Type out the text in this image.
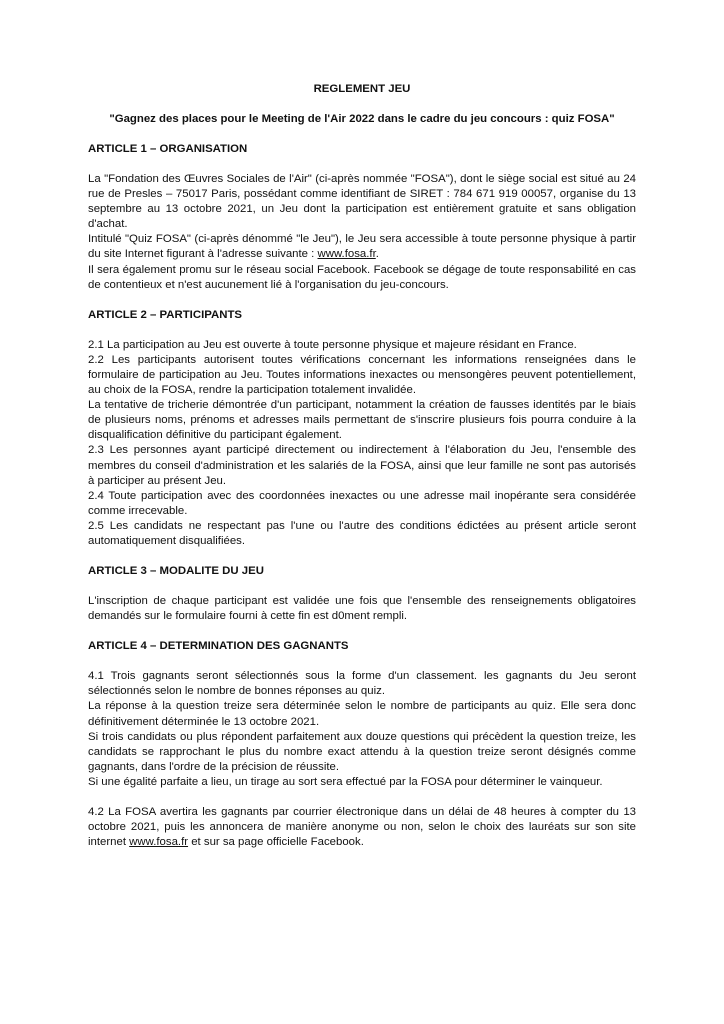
REGLEMENT JEU
"Gagnez des places pour le Meeting de l'Air 2022 dans le cadre du jeu concours : quiz FOSA"
ARTICLE 1 – ORGANISATION

La "Fondation des Œuvres Sociales de l'Air" (ci-après nommée "FOSA"), dont le siège social est situé au 24 rue de Presles – 75017 Paris, possédant comme identifiant de SIRET : 784 671 919 00057, organise du 13 septembre au 13 octobre 2021, un Jeu dont la participation est entièrement gratuite et sans obligation d'achat.

Intitulé "Quiz FOSA" (ci-après dénommé "le Jeu"), le Jeu sera accessible à toute personne physique à partir du site Internet figurant à l'adresse suivante : www.fosa.fr.

Il sera également promu sur le réseau social Facebook. Facebook se dégage de toute responsabilité en cas de contentieux et n'est aucunement lié à l'organisation du jeu-concours.

ARTICLE 2 – PARTICIPANTS

2.1 La participation au Jeu est ouverte à toute personne physique et majeure résidant en France.

2.2 Les participants autorisent toutes vérifications concernant les informations renseignées dans le formulaire de participation au Jeu. Toutes informations inexactes ou mensongères peuvent potentiellement, au choix de la FOSA, rendre la participation totalement invalidée.

La tentative de tricherie démontrée d'un participant, notamment la création de fausses identités par le biais de plusieurs noms, prénoms et adresses mails permettant de s'inscrire plusieurs fois pourra conduire à la disqualification définitive du participant également.

2.3 Les personnes ayant participé directement ou indirectement à l'élaboration du Jeu, l'ensemble des membres du conseil d'administration et les salariés de la FOSA, ainsi que leur famille ne sont pas autorisés à participer au présent Jeu.

2.4 Toute participation avec des coordonnées inexactes ou une adresse mail inopérante sera considérée comme irrecevable.

2.5 Les candidats ne respectant pas l'une ou l'autre des conditions édictées au présent article seront automatiquement disqualifiées.

ARTICLE 3 – MODALITE DU JEU

L'inscription de chaque participant est validée une fois que l'ensemble des renseignements obligatoires demandés sur le formulaire fourni à cette fin est d0ment rempli.

ARTICLE 4 – DETERMINATION DES GAGNANTS

4.1 Trois gagnants seront sélectionnés sous la forme d'un classement. les gagnants du Jeu seront sélectionnés selon le nombre de bonnes réponses au quiz.

La réponse à la question treize sera déterminée selon le nombre de participants au quiz. Elle sera donc définitivement déterminée le 13 octobre 2021.

Si trois candidats ou plus répondent parfaitement aux douze questions qui précèdent la question treize, les candidats se rapprochant le plus du nombre exact attendu à la question treize seront désignés comme gagnants, dans l'ordre de la précision de réussite.

Si une égalité parfaite a lieu, un tirage au sort sera effectué par la FOSA pour déterminer le vainqueur.

4.2 La FOSA avertira les gagnants par courrier électronique dans un délai de 48 heures à compter du 13 octobre 2021, puis les annoncera de manière anonyme ou non, selon le choix des lauréats sur son site internet www.fosa.fr et sur sa page officielle Facebook.
